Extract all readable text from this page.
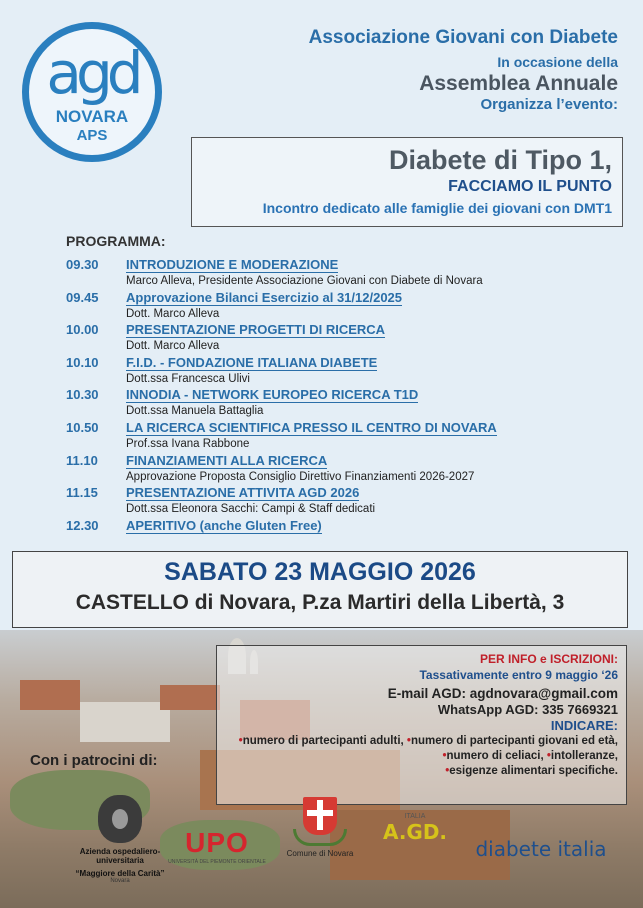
agd
NOVARA
APS
Associazione Giovani con Diabete
In occasione della
Assemblea Annuale
Organizza l’evento:
Diabete di Tipo 1,
FACCIAMO IL PUNTO
Incontro dedicato alle famiglie dei giovani con DMT1
PROGRAMMA:
09.30 INTRODUZIONE E MODERAZIONE
Marco Alleva, Presidente Associazione Giovani con Diabete di Novara
09.45 Approvazione Bilanci Esercizio al 31/12/2025
Dott. Marco Alleva
10.00 PRESENTAZIONE PROGETTI DI RICERCA
Dott. Marco Alleva
10.10 F.I.D. - FONDAZIONE ITALIANA DIABETE
Dott.ssa Francesca Ulivi
10.30 INNODIA - NETWORK EUROPEO RICERCA T1D
Dott.ssa Manuela Battaglia
10.50 LA RICERCA SCIENTIFICA PRESSO IL CENTRO DI NOVARA
Prof.ssa Ivana Rabbone
11.10 FINANZIAMENTI ALLA RICERCA
Approvazione Proposta Consiglio Direttivo Finanziamenti 2026-2027
11.15 PRESENTAZIONE ATTIVITA AGD 2026
Dott.ssa Eleonora Sacchi: Campi & Staff dedicati
12.30 APERITIVO (anche Gluten Free)
SABATO 23 MAGGIO 2026
CASTELLO di Novara, P.za Martiri della Libertà, 3
PER INFO e ISCRIZIONI:
Tassativamente entro 9 maggio ‘26
E-mail AGD: agdnovara@gmail.com
WhatsApp AGD: 335 7669321
INDICARE:
•numero di partecipanti adulti, •numero di partecipanti giovani ed età, •numero di celiaci, •intolleranze,
•esigenze alimentari specifiche.
Con i patrocini di:
Azienda ospedaliero-universitaria
“Maggiore della Carità”
Novara
UPO
UNIVERSITÀ DEL PIEMONTE ORIENTALE
Comune di Novara
ITALIA
A.GD.
diabete italia
